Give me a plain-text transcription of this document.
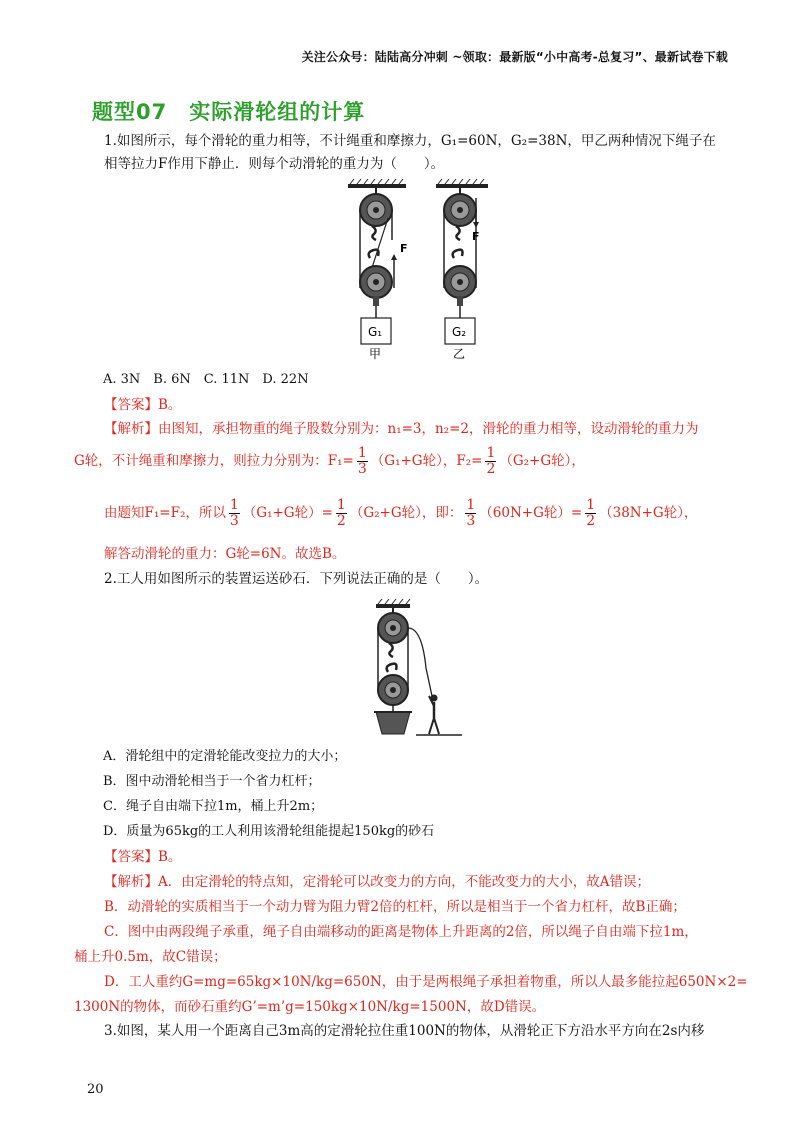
关注公众号：陆陆高分冲刺 ~领取：最新版“小中高考-总复习”、最新试卷下载
题型07　实际滑轮组的计算
1.如图所示，每个滑轮的重力相等，不计绳重和摩擦力，G₁=60N，G₂=38N，甲乙两种情况下绳子在
相等拉力F作用下静止．则每个动滑轮的重力为（　　）。
F
G₁
甲
F
G₂
乙
A. 3N　B. 6N　C. 11N　D. 22N
【答案】B。
【解析】由图知，承担物重的绳子股数分别为：n₁=3，n₂=2，滑轮的重力相等，设动滑轮的重力为
G轮，不计绳重和摩擦力，则拉力分别为：$F_1= \frac{1}{3} (G_1+G$轮），$F_2= \frac{1}{2} (G_2+G$轮），
由题知F₁=F₂，所以 $\frac{1}{3} (G_1+G$轮）= $\frac{1}{2} (G_2+G$轮），即： $\frac{1}{3} (60N+G$轮）= $\frac{1}{2} (38N+G$轮），
解答动滑轮的重力：G轮=6N。故选B。
2.工人用如图所示的装置运送砂石．下列说法正确的是（　　）。
A．滑轮组中的定滑轮能改变拉力的大小；
B．图中动滑轮相当于一个省力杠杆；
C．绳子自由端下拉1m，桶上升2m；
D．质量为65kg的工人利用该滑轮组能提起150kg的砂石
【答案】B。
【解析】A．由定滑轮的特点知，定滑轮可以改变力的方向，不能改变力的大小，故A错误；
B．动滑轮的实质相当于一个动力臂为阻力臂2倍的杠杆，所以是相当于一个省力杠杆，故B正确；
C．图中由两段绳子承重，绳子自由端移动的距离是物体上升距离的2倍，所以绳子自由端下拉1m，
桶上升0.5m，故C错误；
D．工人重约G=mg=65kg×10N/kg=650N，由于是两根绳子承担着物重，所以人最多能拉起650N×2=
1300N的物体，而砂石重约G’=m’g=150kg×10N/kg=1500N，故D错误。
3.如图，某人用一个距离自己3m高的定滑轮拉住重100N的物体，从滑轮正下方沿水平方向在2s内移
20
